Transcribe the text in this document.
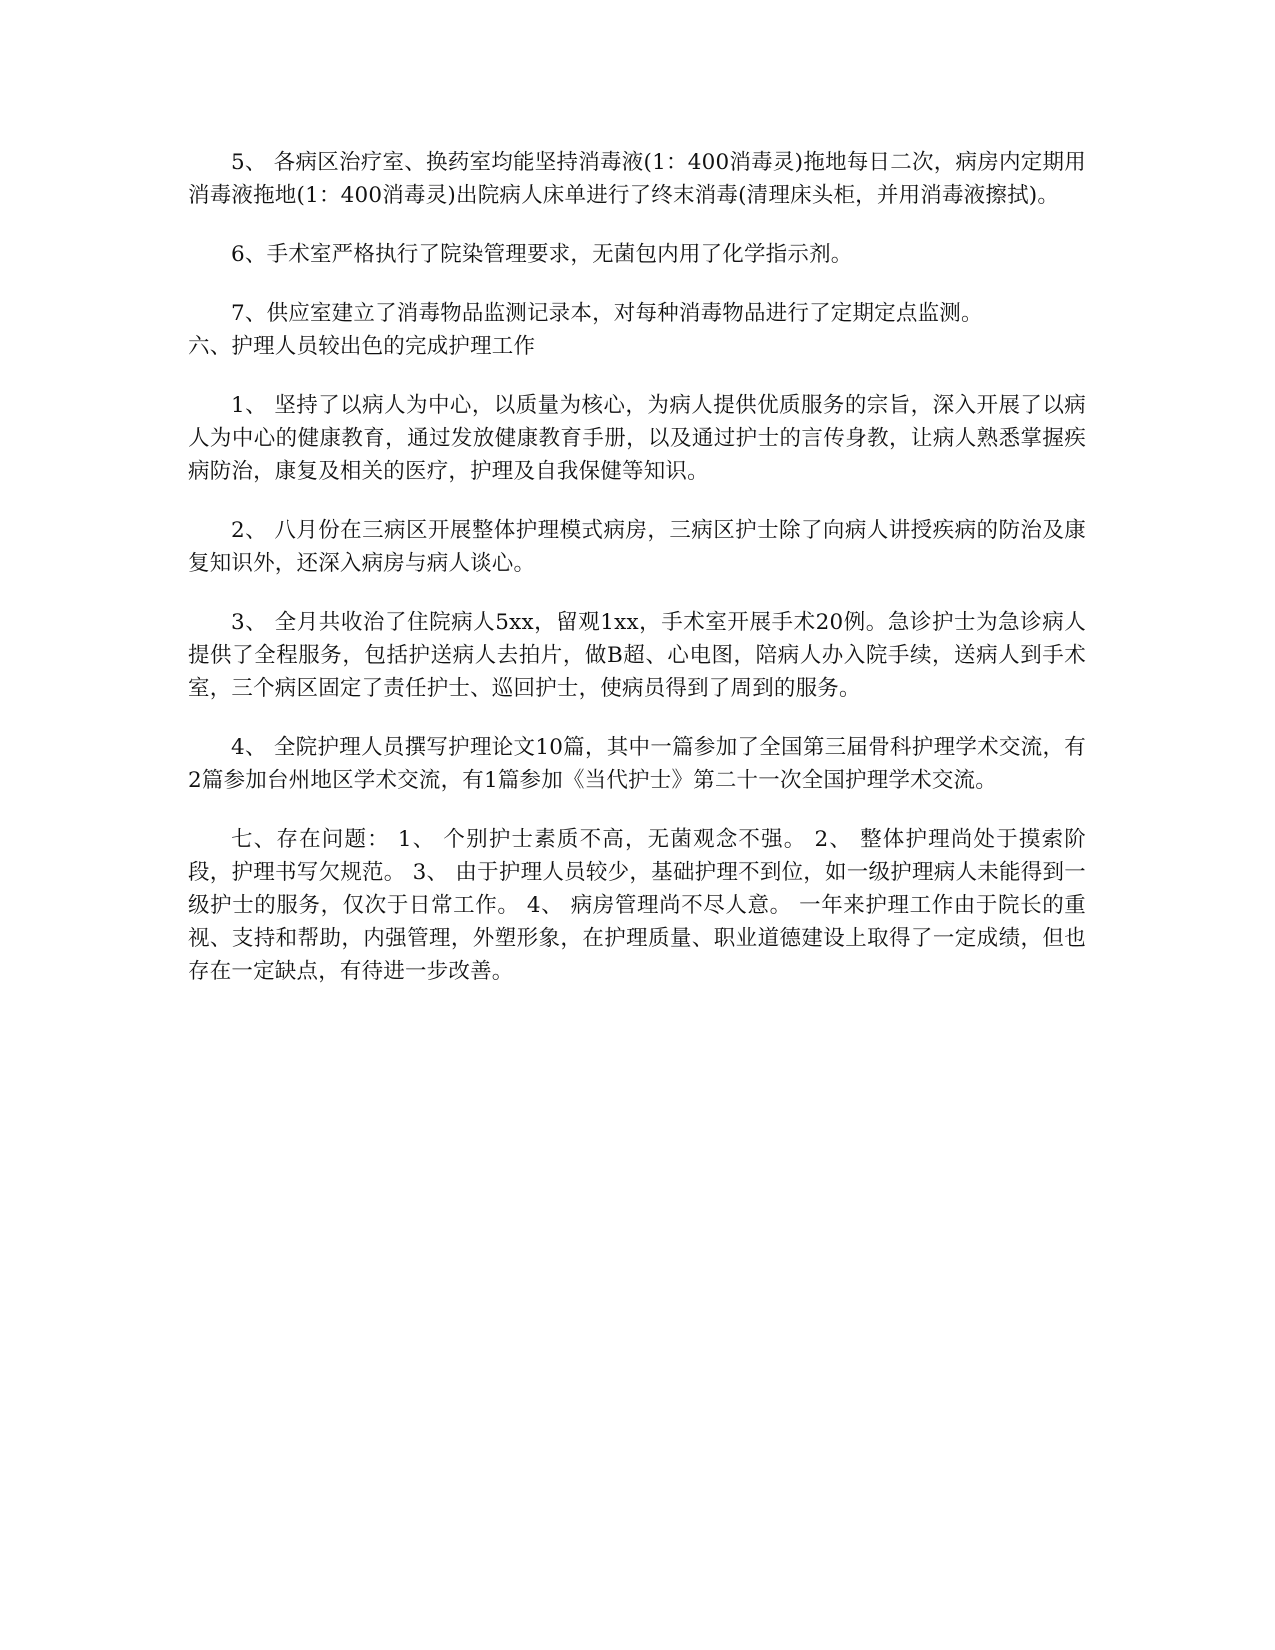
5、 各病区治疗室、换药室均能坚持消毒液(1：400消毒灵)拖地每日二次，病房内定期用消毒液拖地(1：400消毒灵)出院病人床单进行了终末消毒(清理床头柜，并用消毒液擦拭)。

6、手术室严格执行了院染管理要求，无菌包内用了化学指示剂。

7、供应室建立了消毒物品监测记录本，对每种消毒物品进行了定期定点监测。

六、护理人员较出色的完成护理工作

1、 坚持了以病人为中心，以质量为核心，为病人提供优质服务的宗旨，深入开展了以病人为中心的健康教育，通过发放健康教育手册，以及通过护士的言传身教，让病人熟悉掌握疾病防治，康复及相关的医疗，护理及自我保健等知识。

2、 八月份在三病区开展整体护理模式病房，三病区护士除了向病人讲授疾病的防治及康复知识外，还深入病房与病人谈心。

3、 全月共收治了住院病人5xx，留观1xx，手术室开展手术20例。急诊护士为急诊病人提供了全程服务，包括护送病人去拍片，做B超、心电图，陪病人办入院手续，送病人到手术室，三个病区固定了责任护士、巡回护士，使病员得到了周到的服务。

4、 全院护理人员撰写护理论文10篇，其中一篇参加了全国第三届骨科护理学术交流，有2篇参加台州地区学术交流，有1篇参加《当代护士》第二十一次全国护理学术交流。

七、存在问题： 1、 个别护士素质不高，无菌观念不强。 2、 整体护理尚处于摸索阶段，护理书写欠规范。 3、 由于护理人员较少，基础护理不到位，如一级护理病人未能得到一级护士的服务，仅次于日常工作。 4、 病房管理尚不尽人意。 一年来护理工作由于院长的重视、支持和帮助，内强管理，外塑形象，在护理质量、职业道德建设上取得了一定成绩，但也存在一定缺点，有待进一步改善。
